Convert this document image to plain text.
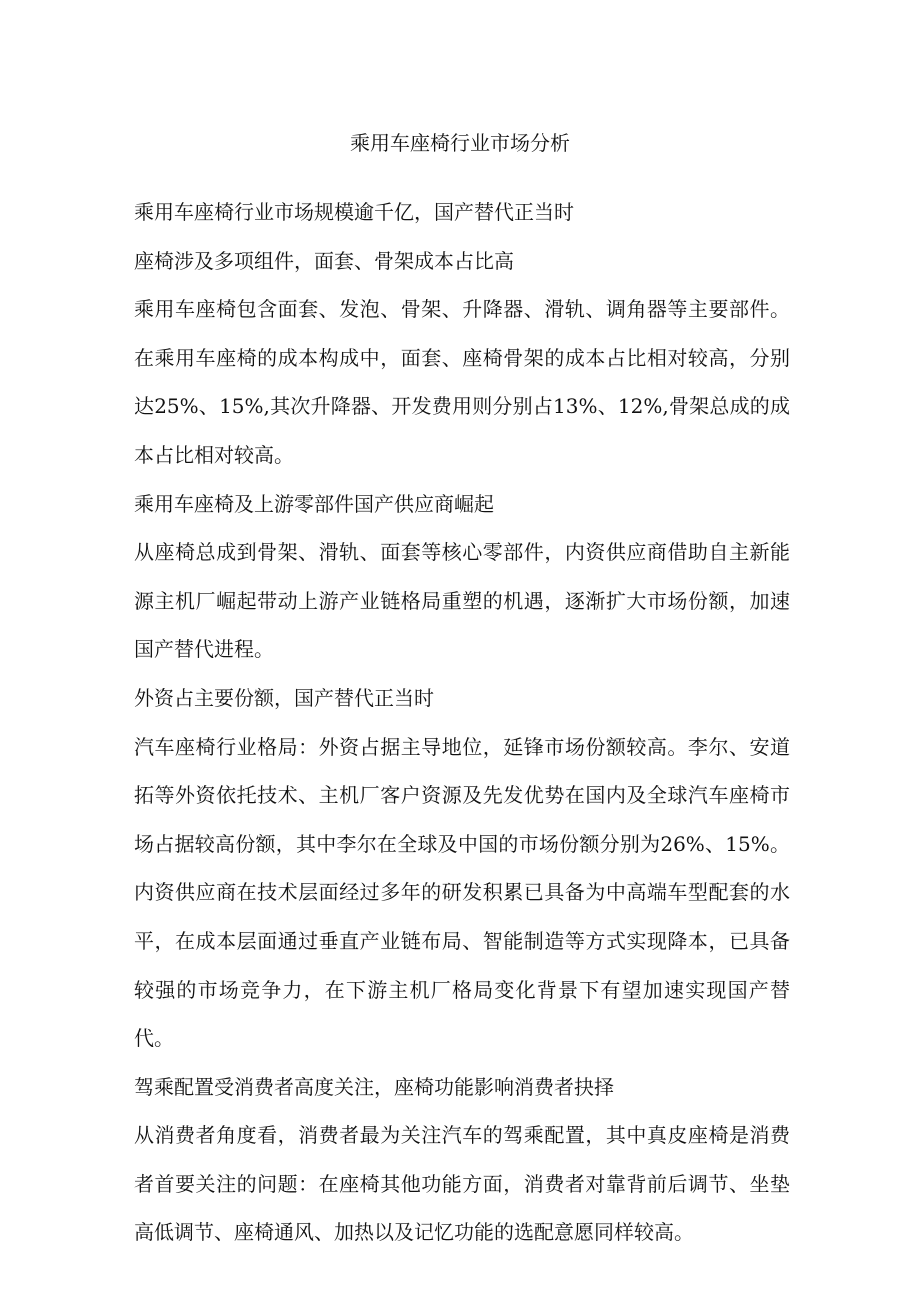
乘用车座椅行业市场分析

乘用车座椅行业市场规模逾千亿，国产替代正当时

座椅涉及多项组件，面套、骨架成本占比高

乘用车座椅包含面套、发泡、骨架、升降器、滑轨、调角器等主要部件。在乘用车座椅的成本构成中，面套、座椅骨架的成本占比相对较高，分别达25%、15%,其次升降器、开发费用则分别占13%、12%,骨架总成的成本占比相对较高。

乘用车座椅及上游零部件国产供应商崛起

从座椅总成到骨架、滑轨、面套等核心零部件，内资供应商借助自主新能源主机厂崛起带动上游产业链格局重塑的机遇，逐渐扩大市场份额，加速国产替代进程。

外资占主要份额，国产替代正当时

汽车座椅行业格局：外资占据主导地位，延锋市场份额较高。李尔、安道拓等外资依托技术、主机厂客户资源及先发优势在国内及全球汽车座椅市场占据较高份额，其中李尔在全球及中国的市场份额分别为26%、15%。内资供应商在技术层面经过多年的研发积累已具备为中高端车型配套的水平，在成本层面通过垂直产业链布局、智能制造等方式实现降本，已具备较强的市场竞争力，在下游主机厂格局变化背景下有望加速实现国产替代。

驾乘配置受消费者高度关注，座椅功能影响消费者抉择

从消费者角度看，消费者最为关注汽车的驾乘配置，其中真皮座椅是消费者首要关注的问题：在座椅其他功能方面，消费者对靠背前后调节、坐垫高低调节、座椅通风、加热以及记忆功能的选配意愿同样较高。
